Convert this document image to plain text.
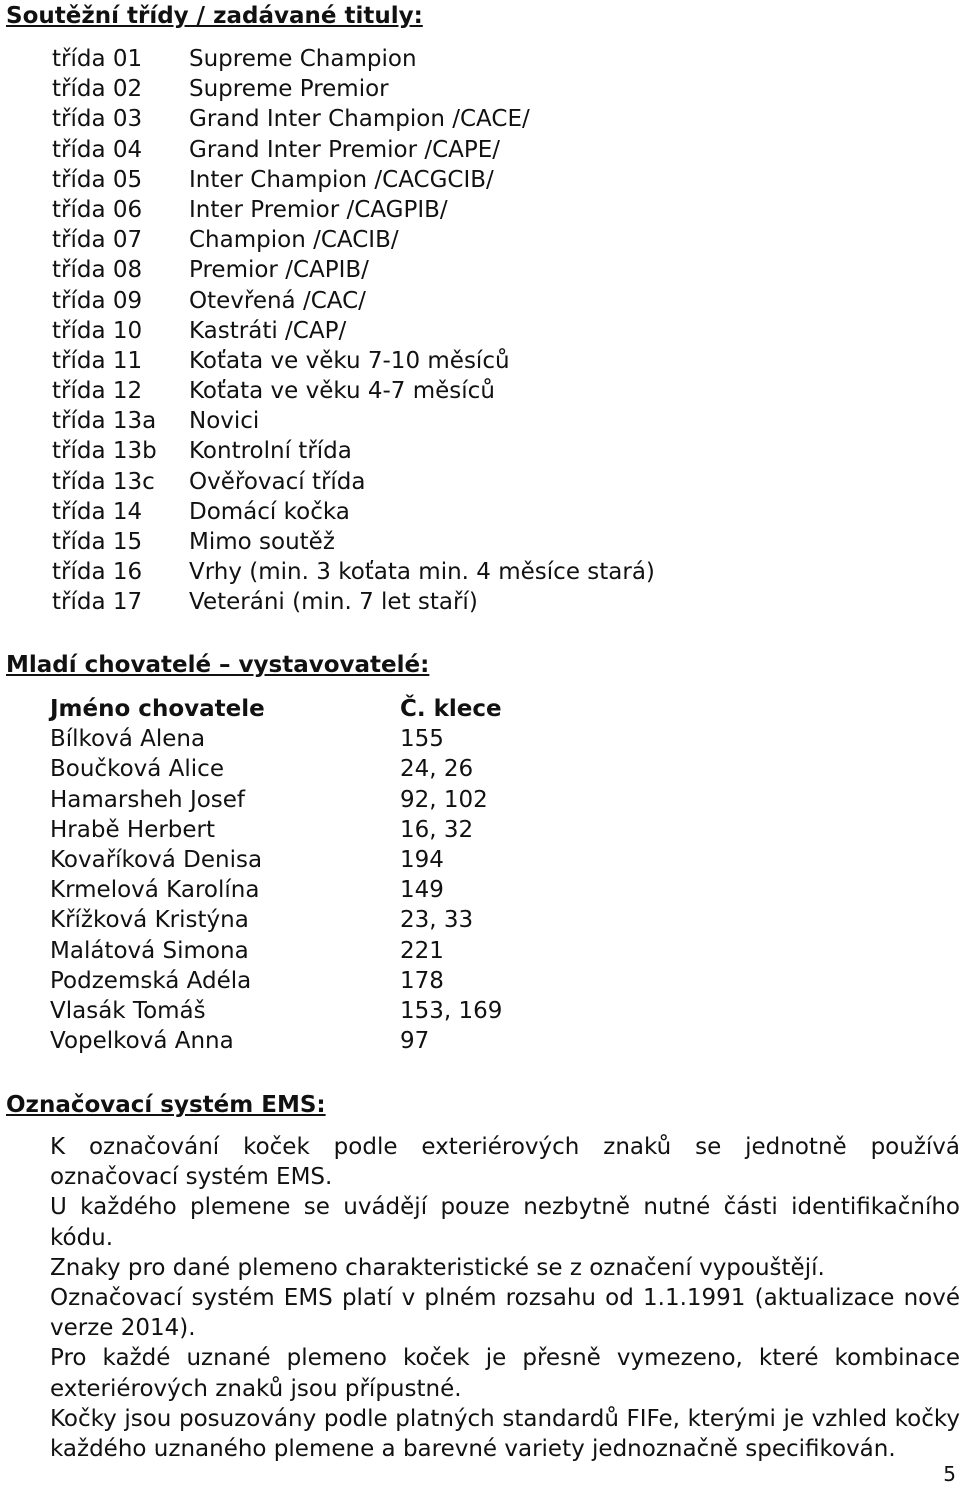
Soutěžní třídy / zadávané tituly:
třída 01 Supreme Champion
třída 02 Supreme Premior
třída 03 Grand Inter Champion /CACE/
třída 04 Grand Inter Premior /CAPE/
třída 05 Inter Champion /CACGCIB/
třída 06 Inter Premior /CAGPIB/
třída 07 Champion /CACIB/
třída 08 Premior /CAPIB/
třída 09 Otevřená /CAC/
třída 10 Kastráti /CAP/
třída 11 Koťata ve věku 7-10 měsíců
třída 12 Koťata ve věku 4-7 měsíců
třída 13a Novici
třída 13b Kontrolní třída
třída 13c Ověřovací třída
třída 14 Domácí kočka
třída 15 Mimo soutěž
třída 16 Vrhy (min. 3 koťata min. 4 měsíce stará)
třída 17 Veteráni (min. 7 let staří)
Mladí chovatelé – vystavovatelé:
Jméno chovatele	Č. klece
Bílková Alena	155
Boučková Alice	24, 26
Hamarsheh Josef	92, 102
Hrabě Herbert	16, 32
Kovaříková Denisa	194
Krmelová Karolína	149
Křížková Kristýna	23, 33
Malátová Simona	221
Podzemská Adéla	178
Vlasák Tomáš	153, 169
Vopelková Anna	97
Označovací systém EMS:

K označování koček podle exteriérových znaků se jednotně používá označovací systém EMS.

U každého plemene se uvádějí pouze nezbytně nutné části identifikačního kódu.

Znaky pro dané plemeno charakteristické se z označení vypouštějí.

Označovací systém EMS platí v plném rozsahu od 1.1.1991 (aktualizace nové verze 2014).

Pro každé uznané plemeno koček je přesně vymezeno, které kombinace exteriérových znaků jsou přípustné.

Kočky jsou posuzovány podle platných standardů FIFe, kterými je vzhled kočky každého uznaného plemene a barevné variety jednoznačně specifikován.

5
